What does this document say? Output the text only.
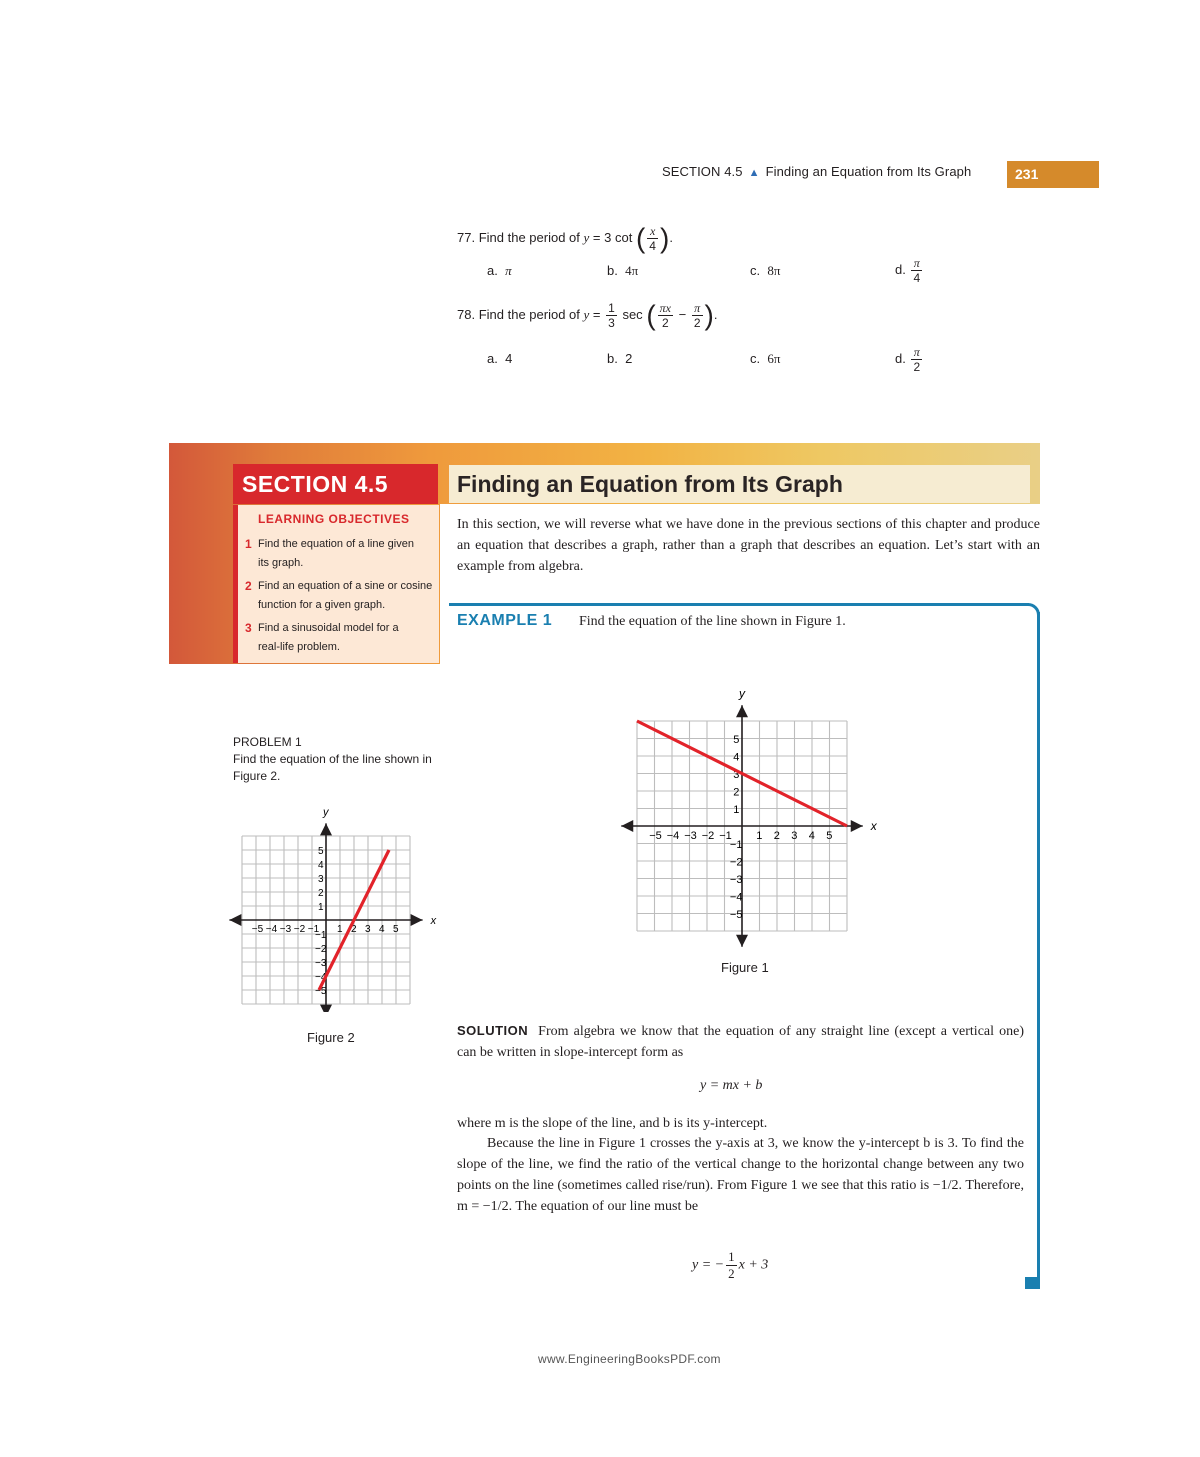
SECTION 4.5 ▲ Finding an Equation from Its Graph	231
77. Find the period of y = 3 cot ( $\frac{x}{4}$ ).
a. π	b. 4π	c. 8π	d. $\frac{\pi}{4}$
78. Find the period of $y = \frac{1}{3}$ sec ( $\frac{\pi x}{2} - \frac{\pi}{2}$ ).
a. 4	b. 2	c. 6π	d. $\frac{\pi}{2}$
SECTION 4.5	Finding an Equation from Its Graph
LEARNING OBJECTIVES
1 Find the equation of a line given
its graph.
2 Find an equation of a sine or cosine
function for a given graph.
3 Find a sinusoidal model for a
real-life problem.
In this section, we will reverse what we have done in the previous sections of this chapter and produce an equation that describes a graph, rather than a graph that describes an equation. Let’s start with an example from algebra.
EXAMPLE 1 Find the equation of the line shown in Figure 1.
x
y
−5 −4 −3 −2 −1 1 2 3 4 5
1
2
3
4
5
−1
−2
−3
−4
−5
Figure 1
PROBLEM 1
Find the equation of the line shown in Figure 2.
x
y
−5 −4 −3 −2 −1 1 2 3 4 5
1
2
3
4
5
−1
−2
−3
−4
−5
Figure 2	SOLUTION From algebra we know that the equation of any straight line (except a vertical one) can be written in slope-intercept form as
y = mx + b
where m is the slope of the line, and b is its y-intercept.
Because the line in Figure 1 crosses the y-axis at 3, we know the y-intercept b is 3. To find the slope of the line, we find the ratio of the vertical change to the horizontal change between any two points on the line (sometimes called rise/run). From Figure 1 we see that this ratio is −1/2. Therefore, m = −1/2. The equation of our line must be
y = − $\frac{1}{2}$ x + 3
www.EngineeringBooksPDF.com
